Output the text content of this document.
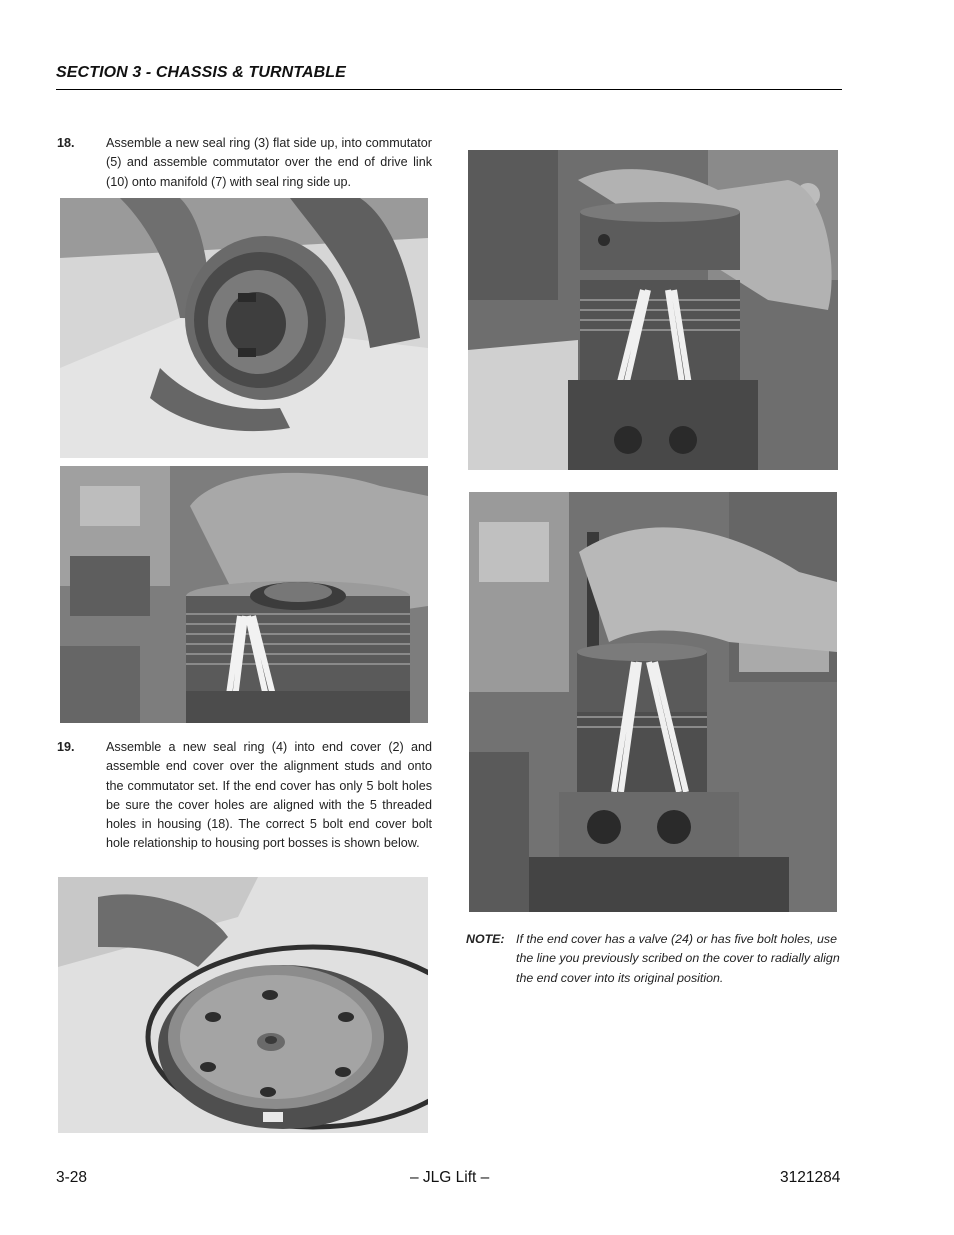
SECTION 3 - CHASSIS & TURNTABLE
18. Assemble a new seal ring (3) flat side up, into commutator (5) and assemble commutator over the end of drive link (10) onto manifold (7) with seal ring side up.
19. Assemble a new seal ring (4) into end cover (2) and assemble end cover over the alignment studs and onto the commutator set. If the end cover has only 5 bolt holes be sure the cover holes are aligned with the 5 threaded holes in housing (18). The correct 5 bolt end cover bolt hole relationship to housing port bosses is shown below.
NOTE: If the end cover has a valve (24) or has five bolt holes, use the line you previously scribed on the cover to radially align the end cover into its original position.
3-28	– JLG Lift –	3121284
